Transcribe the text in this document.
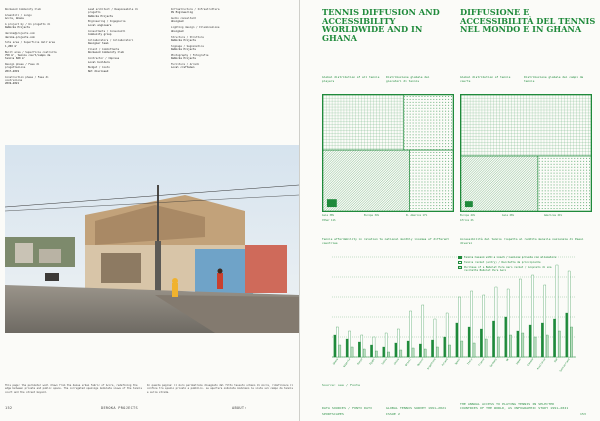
Rockwood Community Club
Greenhill / Lungu
Accra, Ghana
A project by / Un progetto di
DeRocka Projects
deroka@projects.com
deroka-projects.com
Site area / Superficie dell'area
1,200 m²
Built area / Superficie costruita
750 m², tennis court/campo da tennis 660 m²
Design phase / Fase di progettazione
2017–2019
Construction phase / Fase di costruzione
2019–2021
Lead architect / Responsabile di progetto
DeRocka Projects
Engineering / Ingegneria
Local engineers
Consultants / Consulenti
Community group
Collaborators / Collaboratori
Designer team
Client / Committente
Rockwood Community Club
Contractor / Impresa
Local builders
Budget / Costo
Not disclosed
Infrastructure / Infrastruttura
DS Engineering
Audio consultant
Unsigned
Lighting design / Illuminazione
Unsigned
Structure / Strutture
DeRocka Projects
Signage / Segnaletica
DeRocka Projects
Photography / Fotografie
DeRocka Projects
Furniture / Arredi
Local craftsmen

This page: the perimeter wall drawn from the dense urban fabric of Accra, redefining the edge between private and public space. The corrugated openings modulate views of the tennis court and the street beyond.

In questa pagina: il muro perimetrale disegnato dal fitto tessuto urbano di Accra, ridefinisce il confine tra spazio privato e pubblico. Le aperture ondulate modulano le viste sul campo da tennis e sulla strada.

152	DEROKA PROJECTS	ABOUT:
TENNIS DIFFUSION AND ACCESSIBILITY WORLDWIDE AND IN GHANA
DIFFUSIONE E ACCESSIBILITÀ DEL TENNIS NEL MONDO E IN GHANA
Global distribution of all tennis players
Distribuzione globale dei giocatori di tennis
Global distribution of tennis courts
Distribuzione globale dei campi da tennis
Asia 38%	Europe 34%	N. America 17%
Other 11%
Europe 44%	Asia 26%	Americas 21%
Africa 2%
Tennis affordability in relation to national monthly incomes of different countries
Accessibilità del tennis rispetto al reddito mensile nazionale di Paesi diversi
Source: see / Fonte
DATA SOURCES / FONTI DATI
SPORTSCAPES
GLOBAL TENNIS SURVEY 1991–2021
ISSUE 2
THE ANNUAL ACCESS TO PLAYING TENNIS IN SELECTED COUNTRIES OF THE WORLD, AS INFOGRAPHIC STUDY 1991–2021
153
Ghana Nigeria Kenya Egypt India China Brazil Mexico Argentina Poland Spain Italy France Germany	UK Japan Canada Australia	USA Switzerland
Tennis lesson with a coach / Lezione privata con allenatore
Tennis racket (entry) / Racchetta da principiante
Purchase of a Babolat Pure Aero racket / Acquisto di una racchetta Babolat Pure Aero
